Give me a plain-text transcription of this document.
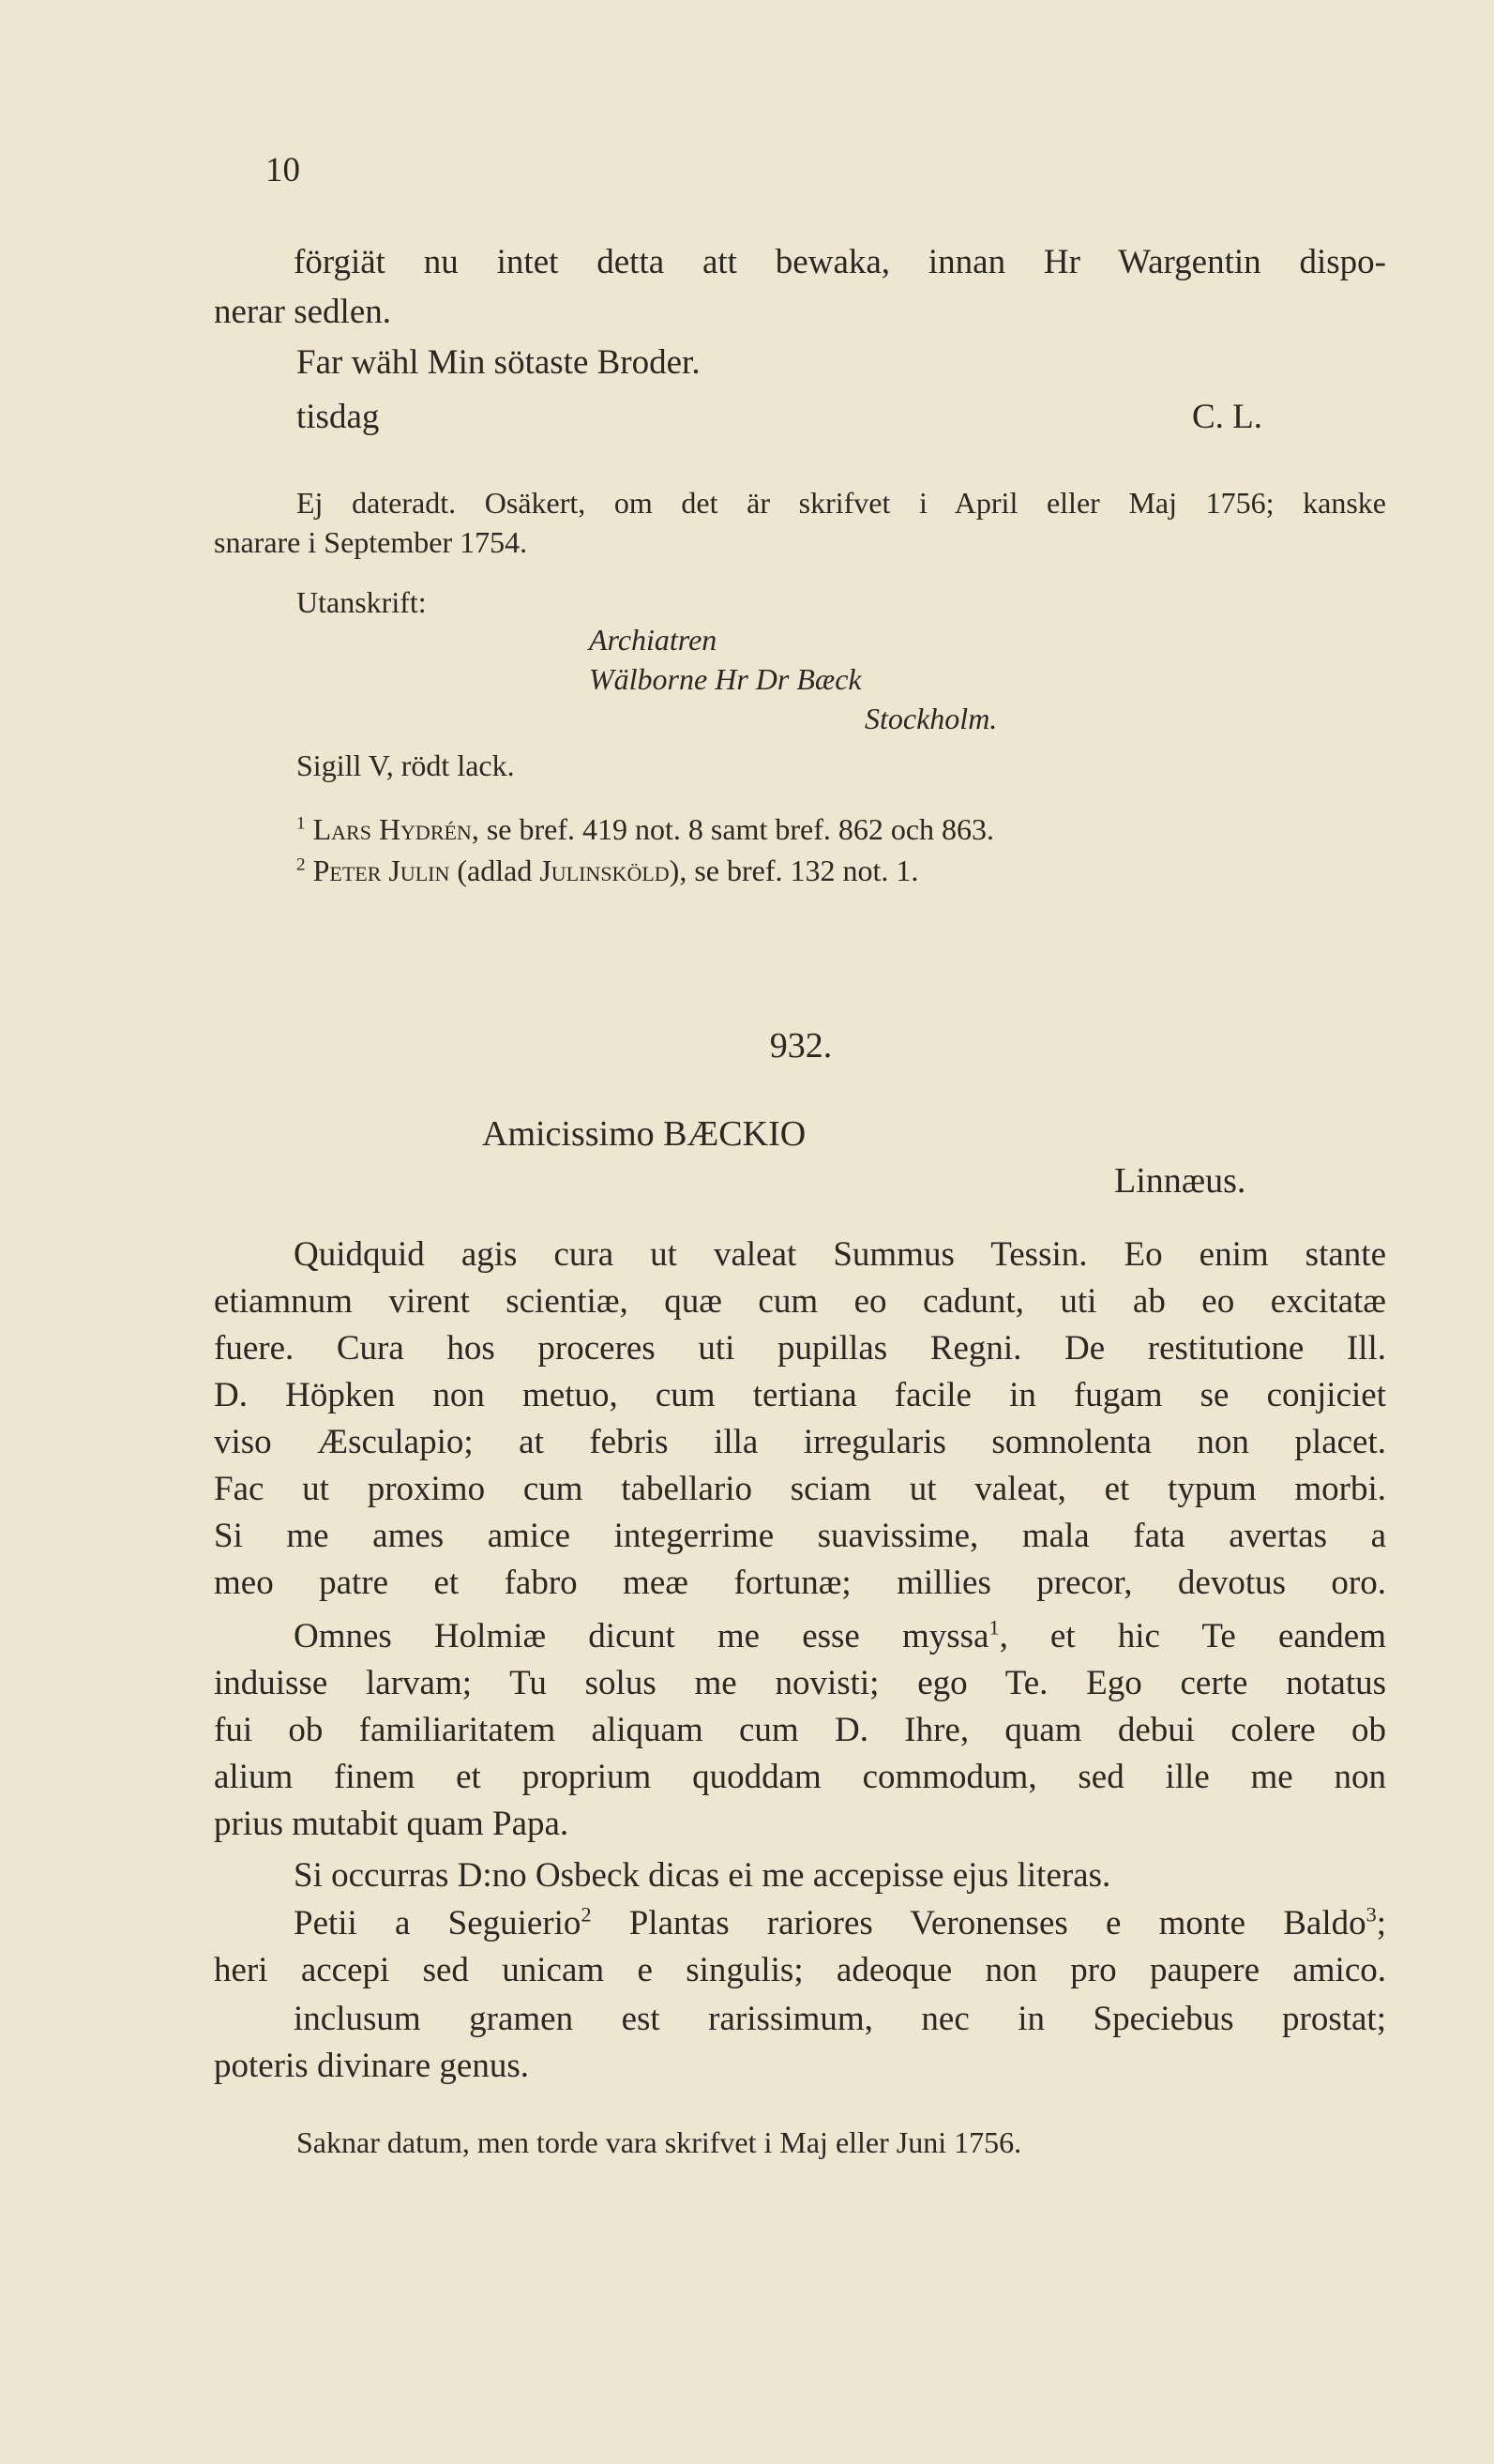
10
förgiät nu intet detta att bewaka, innan Hr Wargentin dispo-
nerar sedlen.
Far wähl Min sötaste Broder.
tisdag	C. L.
Ej dateradt. Osäkert, om det är skrifvet i April eller Maj 1756; kanske
snarare i September 1754.
Utanskrift:
Archiatren
Wälborne Hr Dr Bæck
Stockholm.
Sigill V, rödt lack.
$^1$ Lars Hydrén, se bref. 419 not. 8 samt bref. 862 och 863.
$^2$ Peter Julin (adlad Julinsköld), se bref. 132 not. 1.
932.
Amicissimo BÆCKIO
Linnæus.
Quidquid agis cura ut valeat Summus Tessin. Eo enim stante
etiamnum virent scientiæ, quæ cum eo cadunt, uti ab eo excitatæ
fuere. Cura hos proceres uti pupillas Regni. De restitutione Ill.
D. Höpken non metuo, cum tertiana facile in fugam se conjiciet
viso Æsculapio; at febris illa irregularis somnolenta non placet.
Fac ut proximo cum tabellario sciam ut valeat, et typum morbi.
Si me ames amice integerrime suavissime, mala fata avertas a
meo patre et fabro meæ fortunæ; millies precor, devotus oro.
Omnes Holmiæ dicunt me esse myssa$^1$, et hic Te eandem
induisse larvam; Tu solus me novisti; ego Te. Ego certe notatus
fui ob familiaritatem aliquam cum D. Ihre, quam debui colere ob
alium finem et proprium quoddam commodum, sed ille me non
prius mutabit quam Papa.
Si occurras D:no Osbeck dicas ei me accepisse ejus literas.
Petii a Seguierio$^2$ Plantas rariores Veronenses e monte Baldo$^3$;
heri accepi sed unicam e singulis; adeoque non pro paupere amico.
inclusum gramen est rarissimum, nec in Speciebus prostat;
poteris divinare genus.
Saknar datum, men torde vara skrifvet i Maj eller Juni 1756.
